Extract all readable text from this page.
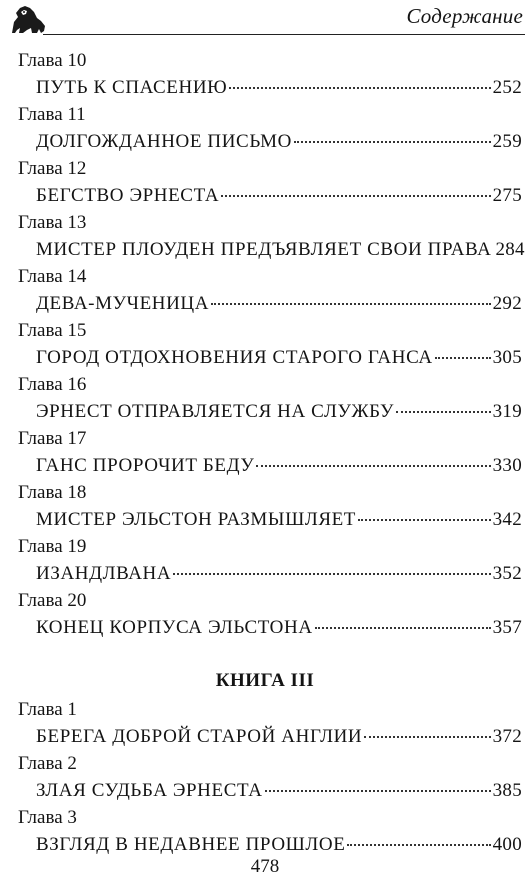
Содержание
Глава 10
ПУТЬ К СПАСЕНИЮ	252
Глава 11
ДОЛГОЖДАННОЕ ПИСЬМО	259
Глава 12
БЕГСТВО ЭРНЕСТА	275
Глава 13
МИСТЕР ПЛОУДЕН ПРЕДЪЯВЛЯЕТ СВОИ ПРАВА 284
Глава 14
ДЕВА-МУЧЕНИЦА	292
Глава 15
ГОРОД ОТДОХНОВЕНИЯ СТАРОГО ГАНСА	305
Глава 16
ЭРНЕСТ ОТПРАВЛЯЕТСЯ НА СЛУЖБУ	319
Глава 17
ГАНС ПРОРОЧИТ БЕДУ	330
Глава 18
МИСТЕР ЭЛЬСТОН РАЗМЫШЛЯЕТ	342
Глава 19
ИЗАНДЛВАНА	352
Глава 20
КОНЕЦ КОРПУСА ЭЛЬСТОНА	357
КНИГА III
Глава 1
БЕРЕГА ДОБРОЙ СТАРОЙ АНГЛИИ	372
Глава 2
ЗЛАЯ СУДЬБА ЭРНЕСТА	385
Глава 3
ВЗГЛЯД В НЕДАВНЕЕ ПРОШЛОЕ	400
478
